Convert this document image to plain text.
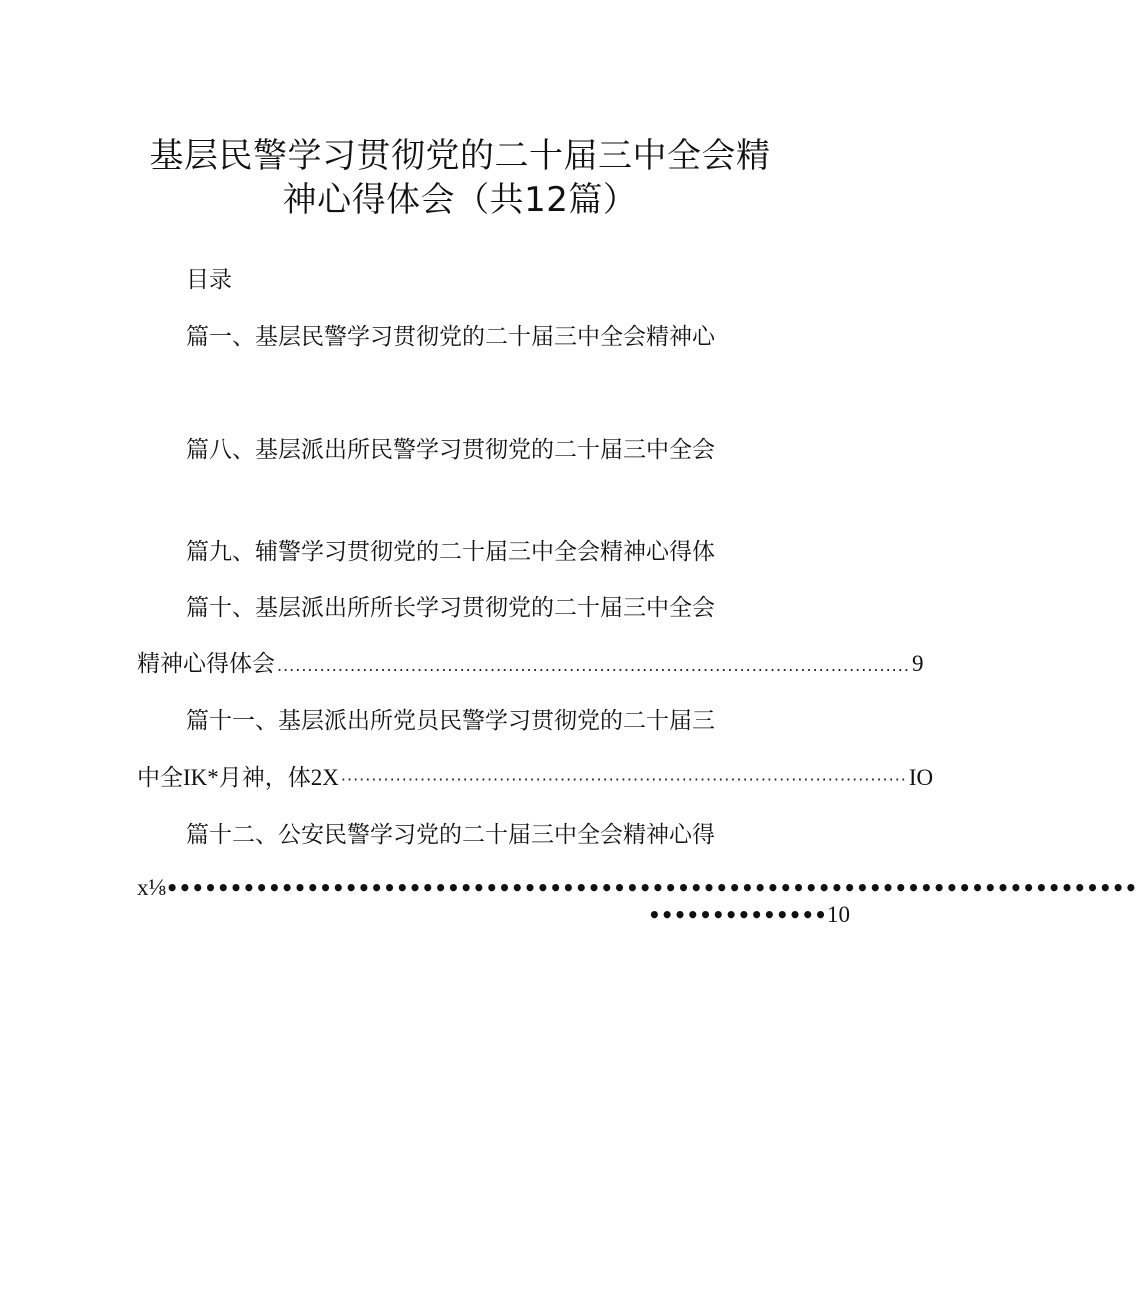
基层民警学习贯彻党的二十届三中全会精
神心得体会（共12篇）
目录
篇一、基层民警学习贯彻党的二十届三中全会精神心
篇八、基层派出所民警学习贯彻党的二十届三中全会
篇九、辅警学习贯彻党的二十届三中全会精神心得体
篇十、基层派出所所长学习贯彻党的二十届三中全会
精神心得体会 ........................................................................................................ 9
篇十一、基层派出所党员民警学习贯彻党的二十届三
中全IK*月神，体2X ····························································································· IO
篇十二、公安民警学习党的二十届三中全会精神心得
x⅛ ••••••••••••••••••••••••••••••••••••••••••••••••••••••••••••••••••••••••••••
•••••••••••••• 10
